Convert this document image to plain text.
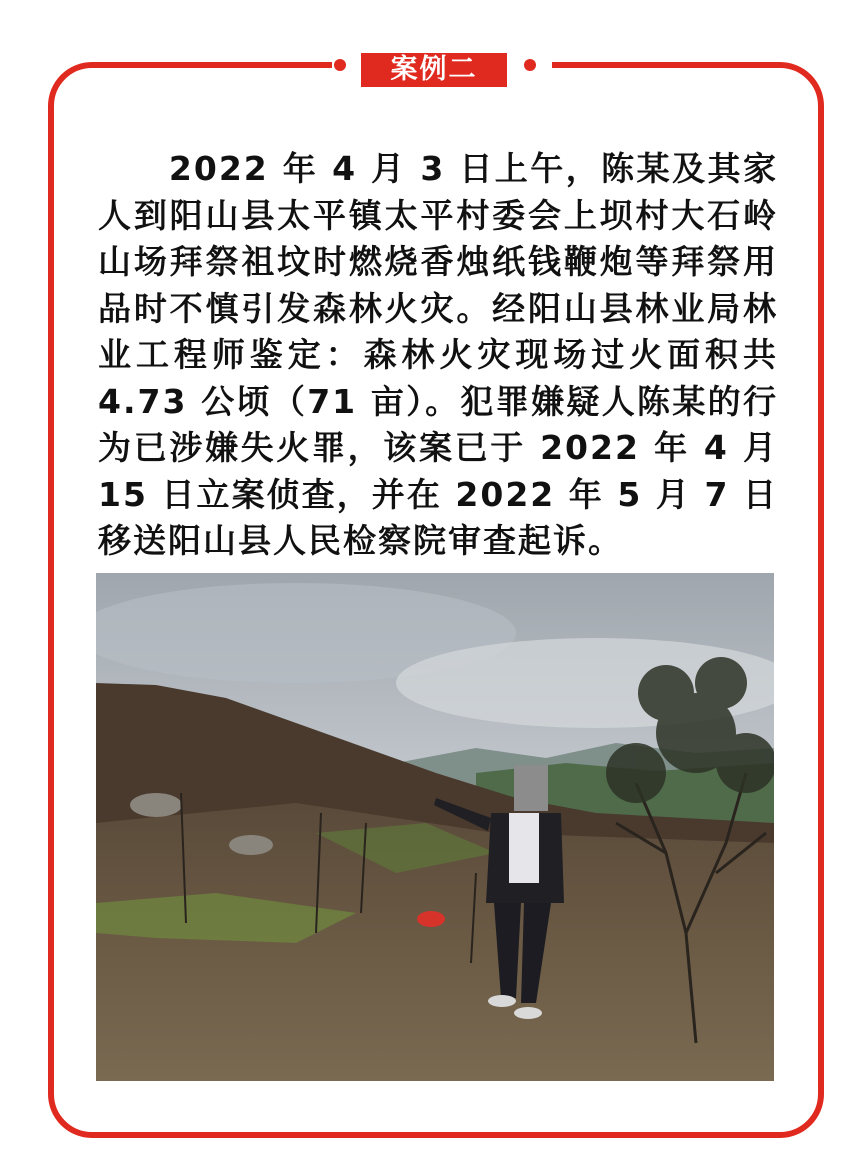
案例二

　　2022 年 4 月 3 日上午，陈某及其家人到阳山县太平镇太平村委会上坝村大石岭山场拜祭祖坟时燃烧香烛纸钱鞭炮等拜祭用品时不慎引发森林火灾。经阳山县林业局林业工程师鉴定：森林火灾现场过火面积共 4.73 公顷（71 亩）。犯罪嫌疑人陈某的行为已涉嫌失火罪，该案已于 2022 年 4 月 15 日立案侦查，并在 2022 年 5 月 7 日移送阳山县人民检察院审查起诉。
